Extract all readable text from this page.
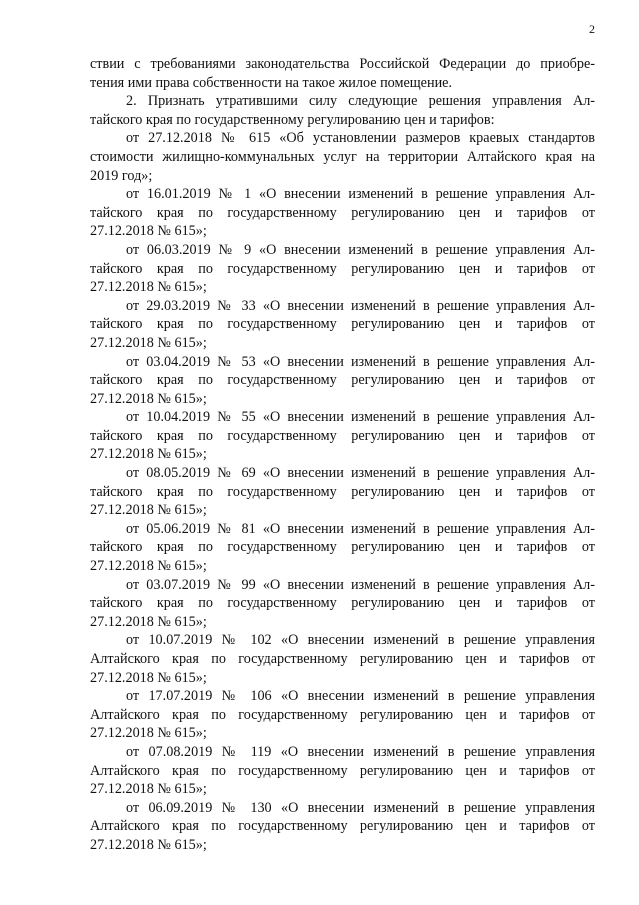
2
ствии с требованиями законодательства Российской Федерации до приобре-
тения ими права собственности на такое жилое помещение.
2. Признать утратившими силу следующие решения управления Ал-
тайского края по государственному регулированию цен и тарифов:
от 27.12.2018 № 615 «Об установлении размеров краевых стандартов
стоимости жилищно-коммунальных услуг на территории Алтайского края на
2019 год»;
от 16.01.2019 № 1 «О внесении изменений в решение управления Ал-
тайского края по государственному регулированию цен и тарифов от
27.12.2018 № 615»;
от 06.03.2019 № 9 «О внесении изменений в решение управления Ал-
тайского края по государственному регулированию цен и тарифов от
27.12.2018 № 615»;
от 29.03.2019 № 33 «О внесении изменений в решение управления Ал-
тайского края по государственному регулированию цен и тарифов от
27.12.2018 № 615»;
от 03.04.2019 № 53 «О внесении изменений в решение управления Ал-
тайского края по государственному регулированию цен и тарифов от
27.12.2018 № 615»;
от 10.04.2019 № 55 «О внесении изменений в решение управления Ал-
тайского края по государственному регулированию цен и тарифов от
27.12.2018 № 615»;
от 08.05.2019 № 69 «О внесении изменений в решение управления Ал-
тайского края по государственному регулированию цен и тарифов от
27.12.2018 № 615»;
от 05.06.2019 № 81 «О внесении изменений в решение управления Ал-
тайского края по государственному регулированию цен и тарифов от
27.12.2018 № 615»;
от 03.07.2019 № 99 «О внесении изменений в решение управления Ал-
тайского края по государственному регулированию цен и тарифов от
27.12.2018 № 615»;
от 10.07.2019 № 102 «О внесении изменений в решение управления
Алтайского края по государственному регулированию цен и тарифов от
27.12.2018 № 615»;
от 17.07.2019 № 106 «О внесении изменений в решение управления
Алтайского края по государственному регулированию цен и тарифов от
27.12.2018 № 615»;
от 07.08.2019 № 119 «О внесении изменений в решение управления
Алтайского края по государственному регулированию цен и тарифов от
27.12.2018 № 615»;
от 06.09.2019 № 130 «О внесении изменений в решение управления
Алтайского края по государственному регулированию цен и тарифов от
27.12.2018 № 615»;
